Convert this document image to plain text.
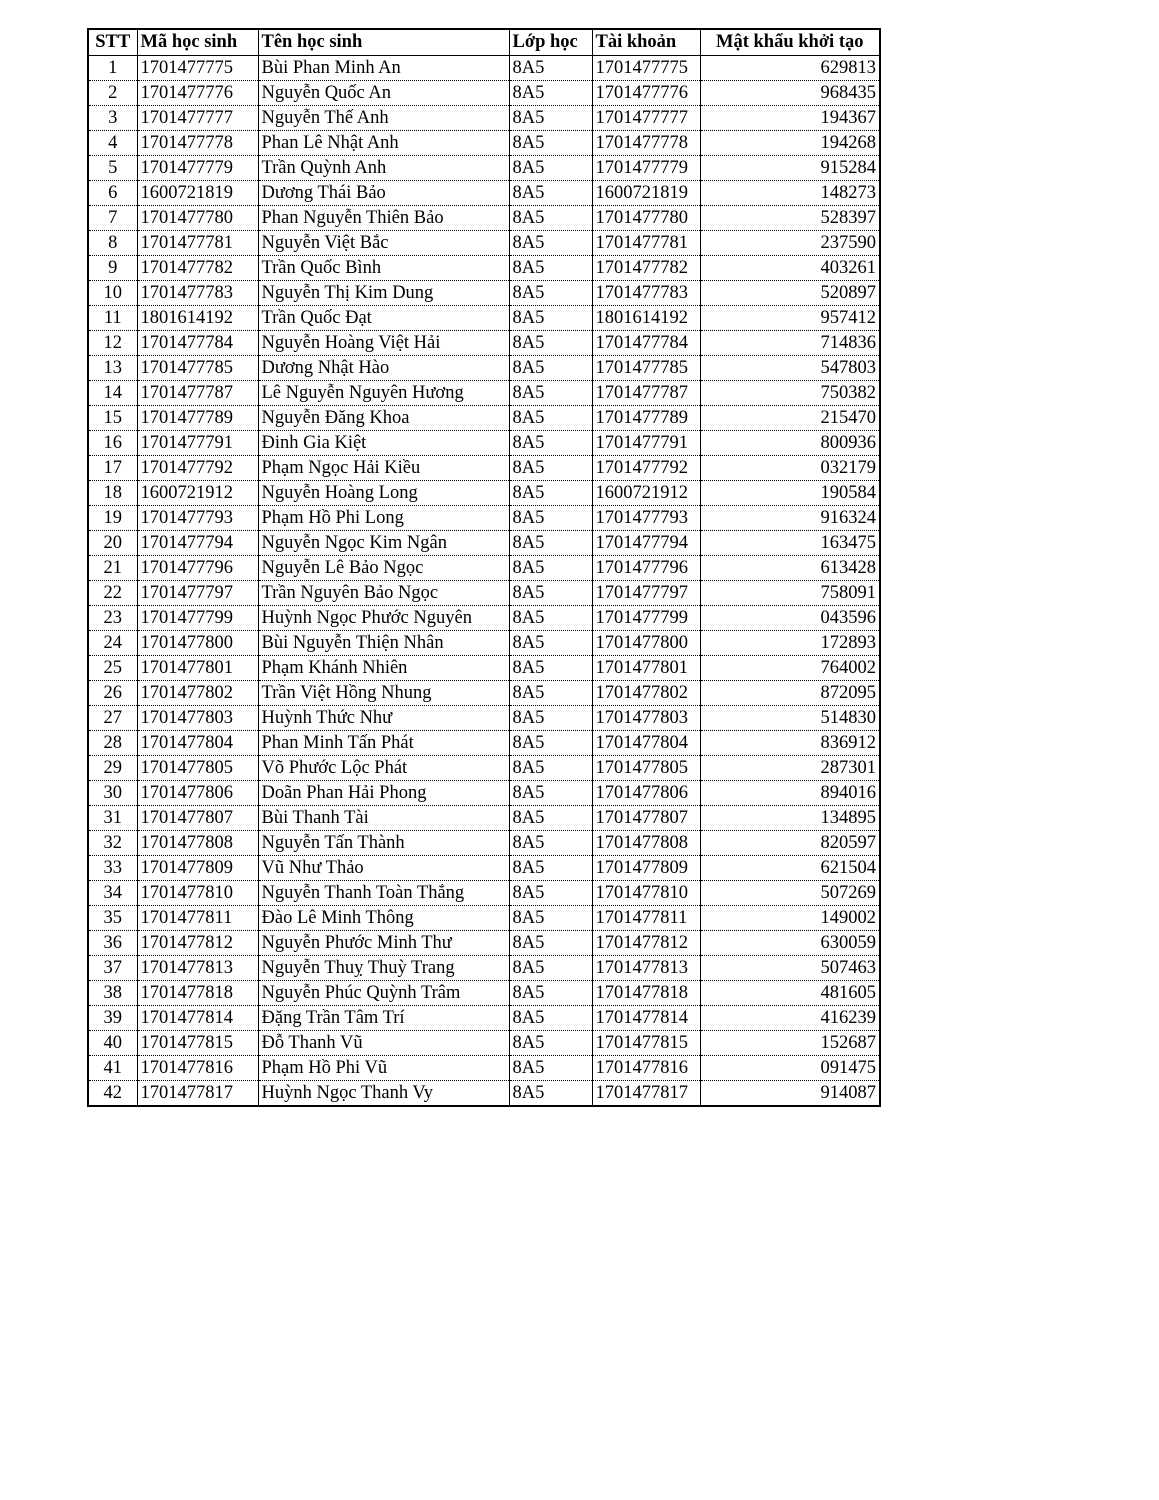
STT	Mã học sinh	Tên học sinh	Lớp học	Tài khoản	Mật khẩu khởi tạo
1	1701477775	Bùi Phan Minh An	8A5	1701477775	629813
2	1701477776	Nguyễn Quốc An	8A5	1701477776	968435
3	1701477777	Nguyễn Thế Anh	8A5	1701477777	194367
4	1701477778	Phan Lê Nhật Anh	8A5	1701477778	194268
5	1701477779	Trần Quỳnh Anh	8A5	1701477779	915284
6	1600721819	Dương Thái Bảo	8A5	1600721819	148273
7	1701477780	Phan Nguyễn Thiên Bảo	8A5	1701477780	528397
8	1701477781	Nguyễn Việt Bắc	8A5	1701477781	237590
9	1701477782	Trần Quốc Bình	8A5	1701477782	403261
10	1701477783	Nguyễn Thị Kim Dung	8A5	1701477783	520897
11	1801614192	Trần Quốc Đạt	8A5	1801614192	957412
12	1701477784	Nguyễn Hoàng Việt Hải	8A5	1701477784	714836
13	1701477785	Dương Nhật Hào	8A5	1701477785	547803
14	1701477787	Lê Nguyễn Nguyên Hương	8A5	1701477787	750382
15	1701477789	Nguyễn Đăng Khoa	8A5	1701477789	215470
16	1701477791	Đinh Gia Kiệt	8A5	1701477791	800936
17	1701477792	Phạm Ngọc Hải Kiều	8A5	1701477792	032179
18	1600721912	Nguyễn Hoàng Long	8A5	1600721912	190584
19	1701477793	Phạm Hồ Phi Long	8A5	1701477793	916324
20	1701477794	Nguyễn Ngọc Kim Ngân	8A5	1701477794	163475
21	1701477796	Nguyễn Lê Bảo Ngọc	8A5	1701477796	613428
22	1701477797	Trần Nguyên Bảo Ngọc	8A5	1701477797	758091
23	1701477799	Huỳnh Ngọc Phước Nguyên	8A5	1701477799	043596
24	1701477800	Bùi Nguyễn Thiện Nhân	8A5	1701477800	172893
25	1701477801	Phạm Khánh Nhiên	8A5	1701477801	764002
26	1701477802	Trần Việt Hồng Nhung	8A5	1701477802	872095
27	1701477803	Huỳnh Thức Như	8A5	1701477803	514830
28	1701477804	Phan Minh Tấn Phát	8A5	1701477804	836912
29	1701477805	Võ Phước Lộc Phát	8A5	1701477805	287301
30	1701477806	Doãn Phan Hải Phong	8A5	1701477806	894016
31	1701477807	Bùi Thanh Tài	8A5	1701477807	134895
32	1701477808	Nguyễn Tấn Thành	8A5	1701477808	820597
33	1701477809	Vũ Như Thảo	8A5	1701477809	621504
34	1701477810	Nguyễn Thanh Toàn Thắng	8A5	1701477810	507269
35	1701477811	Đào Lê Minh Thông	8A5	1701477811	149002
36	1701477812	Nguyễn Phước Minh Thư	8A5	1701477812	630059
37	1701477813	Nguyễn Thuỵ Thuỳ Trang	8A5	1701477813	507463
38	1701477818	Nguyễn Phúc Quỳnh Trâm	8A5	1701477818	481605
39	1701477814	Đặng Trần Tâm Trí	8A5	1701477814	416239
40	1701477815	Đỗ Thanh Vũ	8A5	1701477815	152687
41	1701477816	Phạm Hồ Phi Vũ	8A5	1701477816	091475
42	1701477817	Huỳnh Ngọc Thanh Vy	8A5	1701477817	914087
